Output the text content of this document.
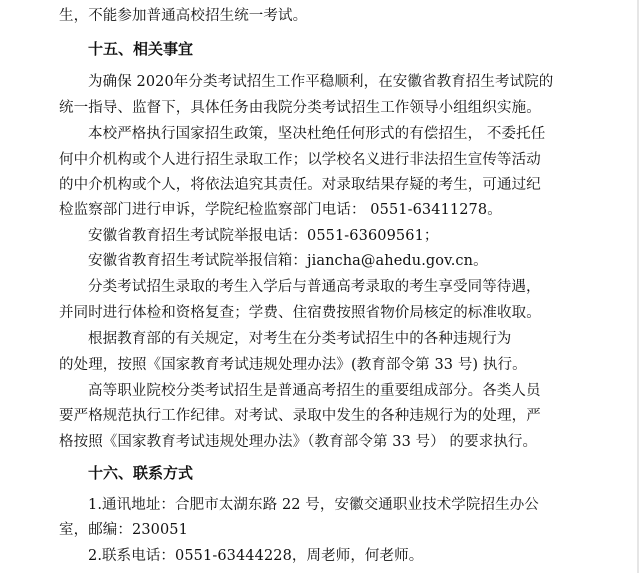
生，不能参加普通高校招生统一考试。
十五、相关事宜
为确保 2020年分类考试招生工作平稳顺利，在安徽省教育招生考试院的
统一指导、监督下，具体任务由我院分类考试招生工作领导小组组织实施。
本校严格执行国家招生政策，坚决杜绝任何形式的有偿招生， 不委托任
何中介机构或个人进行招生录取工作；以学校名义进行非法招生宣传等活动
的中介机构或个人，将依法追究其责任。对录取结果存疑的考生，可通过纪
检监察部门进行申诉，学院纪检监察部门电话： 0551-63411278。
安徽省教育招生考试院举报电话：0551-63609561；
安徽省教育招生考试院举报信箱：jiancha@ahedu.gov.cn。
分类考试招生录取的考生入学后与普通高考录取的考生享受同等待遇，
并同时进行体检和资格复查；学费、住宿费按照省物价局核定的标准收取。
根据教育部的有关规定，对考生在分类考试招生中的各种违规行为
的处理，按照《国家教育考试违规处理办法》(教育部令第 33 号) 执行。
高等职业院校分类考试招生是普通高考招生的重要组成部分。各类人员
要严格规范执行工作纪律。对考试、录取中发生的各种违规行为的处理，严
格按照《国家教育考试违规处理办法》（教育部令第 33 号） 的要求执行。
十六、联系方式
1.通讯地址：合肥市太湖东路 22 号，安徽交通职业技术学院招生办公
室，邮编：230051
2.联系电话：0551-63444228，周老师，何老师。
